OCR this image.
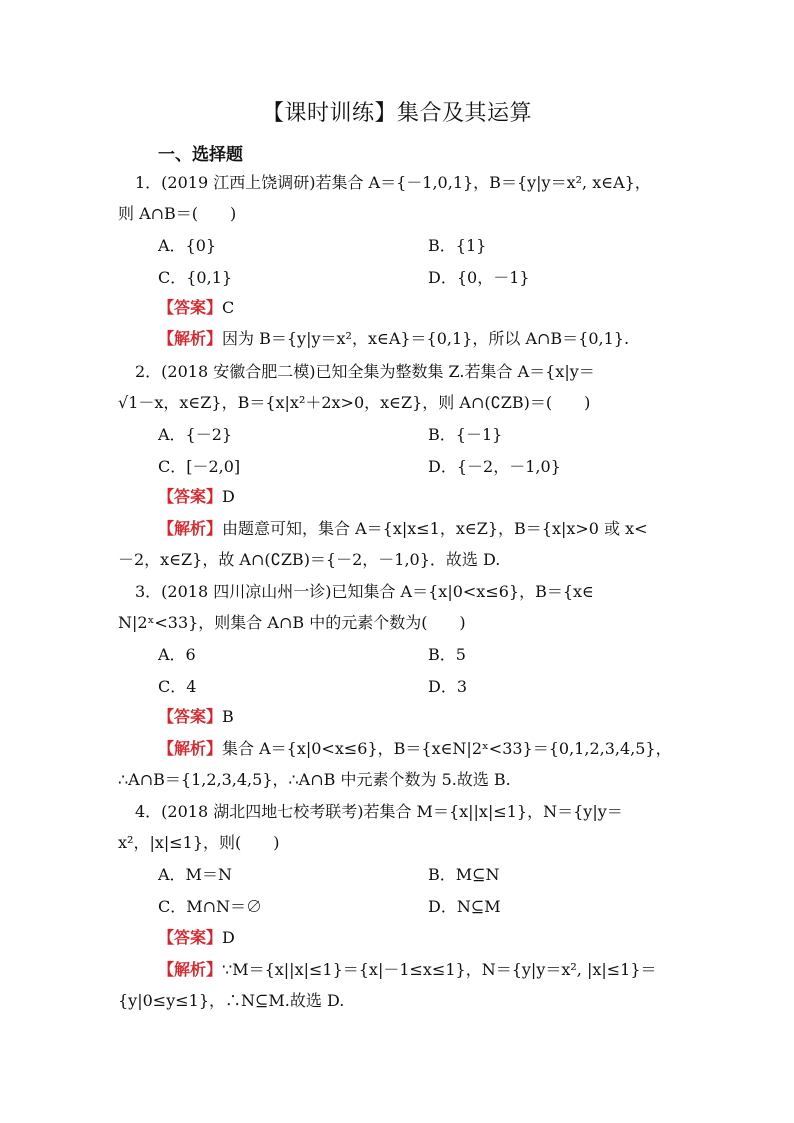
【课时训练】集合及其运算
一、选择题
1．(2019 江西上饶调研)若集合 A＝{－1,0,1}，B＝{y|y＝x², x∈A}，
则 A∩B＝(　　)
A．{0}	B．{1}
C．{0,1}	D．{0，－1}
【答案】C
【解析】因为 B＝{y|y＝x²，x∈A}＝{0,1}，所以 A∩B＝{0,1}.
2．(2018 安徽合肥二模)已知全集为整数集 Z.若集合 A＝{x|y＝
√1－x，x∈Z}，B＝{x|x²＋2x>0，x∈Z}，则 A∩(∁ZB)＝(　　)
A．{－2}	B．{－1}
C．[－2,0]	D．{－2，－1,0}
【答案】D
【解析】由题意可知，集合 A＝{x|x≤1，x∈Z}，B＝{x|x>0 或 x<
－2，x∈Z}，故 A∩(∁ZB)＝{－2，－1,0}．故选 D.
3．(2018 四川凉山州一诊)已知集合 A＝{x|0<x≤6}，B＝{x∈
N|2ˣ<33}，则集合 A∩B 中的元素个数为(　　)
A．6	B．5
C．4	D．3
【答案】B
【解析】集合 A＝{x|0<x≤6}，B＝{x∈N|2ˣ<33}＝{0,1,2,3,4,5}，
∴A∩B＝{1,2,3,4,5}，∴A∩B 中元素个数为 5.故选 B.
4．(2018 湖北四地七校考联考)若集合 M＝{x||x|≤1}，N＝{y|y＝
x²，|x|≤1}，则(　　)
A．M＝N	B．M⊆N
C．M∩N＝∅	D．N⊆M
【答案】D
【解析】∵M＝{x||x|≤1}＝{x|－1≤x≤1}，N＝{y|y＝x², |x|≤1}＝
{y|0≤y≤1}，∴N⊆M.故选 D.
